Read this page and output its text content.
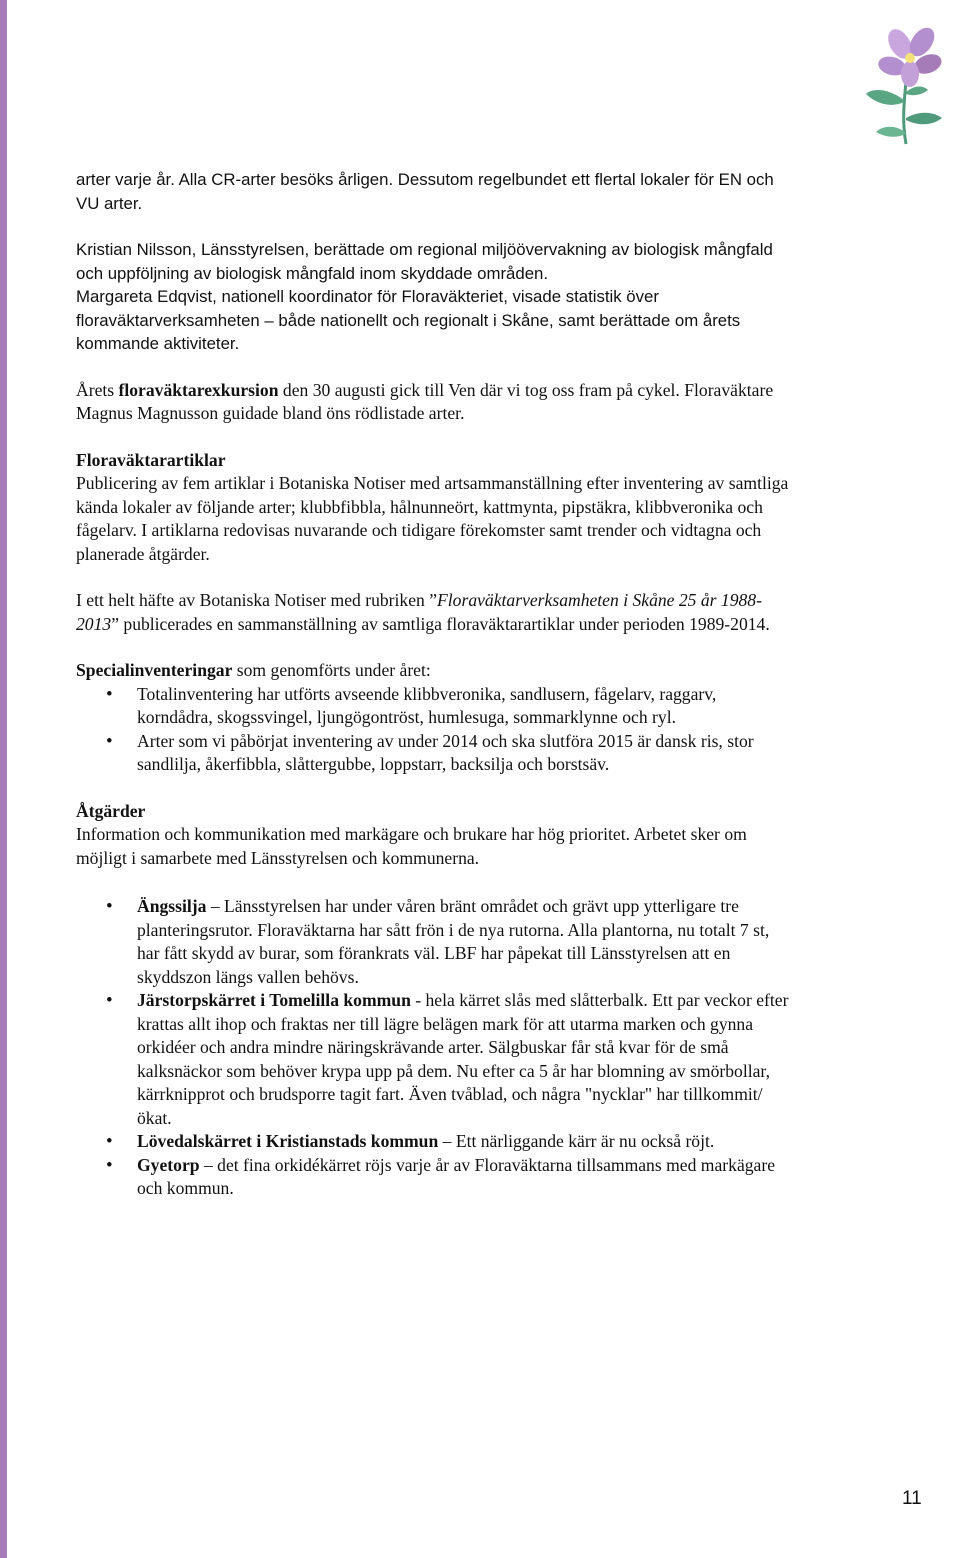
arter varje år. Alla CR-arter besöks årligen. Dessutom regelbundet ett flertal lokaler för EN och VU arter.

Kristian Nilsson, Länsstyrelsen, berättade om regional miljöövervakning av biologisk mångfald och uppföljning av biologisk mångfald inom skyddade områden.

Margareta Edqvist, nationell koordinator för Floraväkteriet, visade statistik över floraväktarverksamheten – både nationellt och regionalt i Skåne, samt berättade om årets kommande aktiviteter.

Årets floraväktarexkursion den 30 augusti gick till Ven där vi tog oss fram på cykel. Floraväktare Magnus Magnusson guidade bland öns rödlistade arter.

Floraväktarartiklar

Publicering av fem artiklar i Botaniska Notiser med artsammanställning efter inventering av samtliga kända lokaler av följande arter; klubbfibbla, hålnunneört, kattmynta, pipstäkra, klibbveronika och fågelarv. I artiklarna redovisas nuvarande och tidigare förekomster samt trender och vidtagna och planerade åtgärder.

I ett helt häfte av Botaniska Notiser med rubriken ”Floraväktarverksamheten i Skåne 25 år 1988-2013” publicerades en sammanställning av samtliga floraväktarartiklar under perioden 1989-2014.

Specialinventeringar som genomförts under året:

• Totalinventering har utförts avseende klibbveronika, sandlusern, fågelarv, raggarv, korndådra, skogssvingel, ljungögontröst, humlesuga, sommarklynne och ryl.
• Arter som vi påbörjat inventering av under 2014 och ska slutföra 2015 är dansk ris, stor sandlilja, åkerfibbla, slåttergubbe, loppstarr, backsilja och borstsäv.

Åtgärder

Information och kommunikation med markägare och brukare har hög prioritet. Arbetet sker om möjligt i samarbete med Länsstyrelsen och kommunerna.

• Ängssilja – Länsstyrelsen har under våren bränt området och grävt upp ytterligare tre planteringsrutor. Floraväktarna har sått frön i de nya rutorna. Alla plantorna, nu totalt 7 st, har fått skydd av burar, som förankrats väl. LBF har påpekat till Länsstyrelsen att en skyddszon längs vallen behövs.
• Järstorpskärret i Tomelilla kommun - hela kärret slås med slåtterbalk. Ett par veckor efter krattas allt ihop och fraktas ner till lägre belägen mark för att utarma marken och gynna orkidéer och andra mindre näringskrävande arter. Sälgbuskar får stå kvar för de små kalksnäckor som behöver krypa upp på dem. Nu efter ca 5 år har blomning av smörbollar, kärrknipprot och brudsporre tagit fart. Även tvåblad, och några "nycklar" har tillkommit/ökat.
• Lövedalskärret i Kristianstads kommun – Ett närliggande kärr är nu också röjt.
• Gyetorp – det fina orkidékärret röjs varje år av Floraväktarna tillsammans med markägare och kommun.
11
